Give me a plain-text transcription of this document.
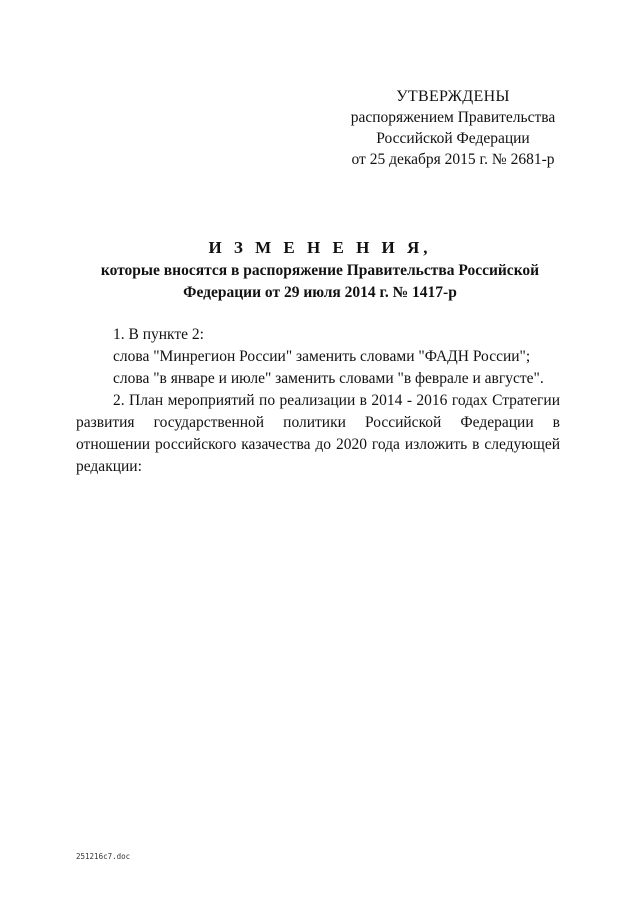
УТВЕРЖДЕНЫ
распоряжением Правительства
Российской Федерации
от 25 декабря 2015 г. № 2681-р
И З М Е Н Е Н И Я,
которые вносятся в распоряжение Правительства Российской
Федерации от 29 июля 2014 г. № 1417-р

1. В пункте 2:

слова "Минрегион России" заменить словами "ФАДН России";

слова "в январе и июле" заменить словами "в феврале и августе".

2. План мероприятий по реализации в 2014 - 2016 годах Стратегии развития государственной политики Российской Федерации в отношении российского казачества до 2020 года изложить в следующей редакции:

251216c7.doc
